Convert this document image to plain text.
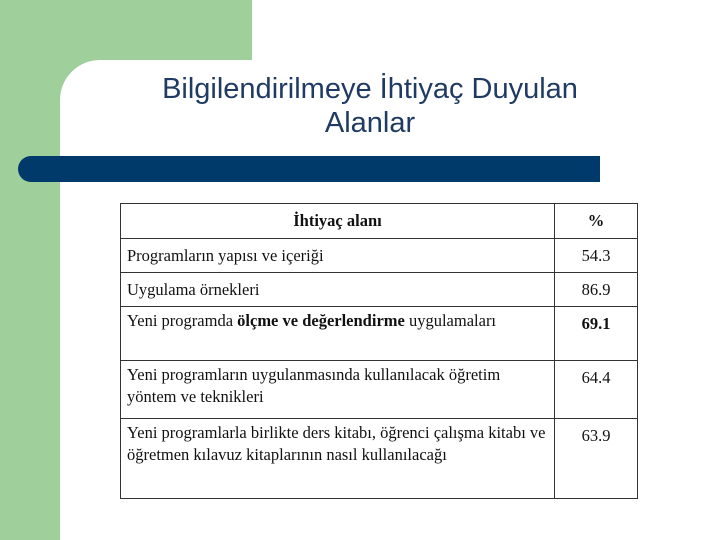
Bilgilendirilmeye İhtiyaç Duyulan
Alanlar
İhtiyaç alanı	%
Programların yapısı ve içeriği	54.3
Uygulama örnekleri	86.9
Yeni programda ölçme ve değerlendirme uygulamaları	69.1
Yeni programların uygulanmasında kullanılacak öğretim yöntem ve teknikleri	64.4
Yeni programlarla birlikte ders kitabı, öğrenci çalışma kitabı ve öğretmen kılavuz kitaplarının nasıl kullanılacağı	63.9
